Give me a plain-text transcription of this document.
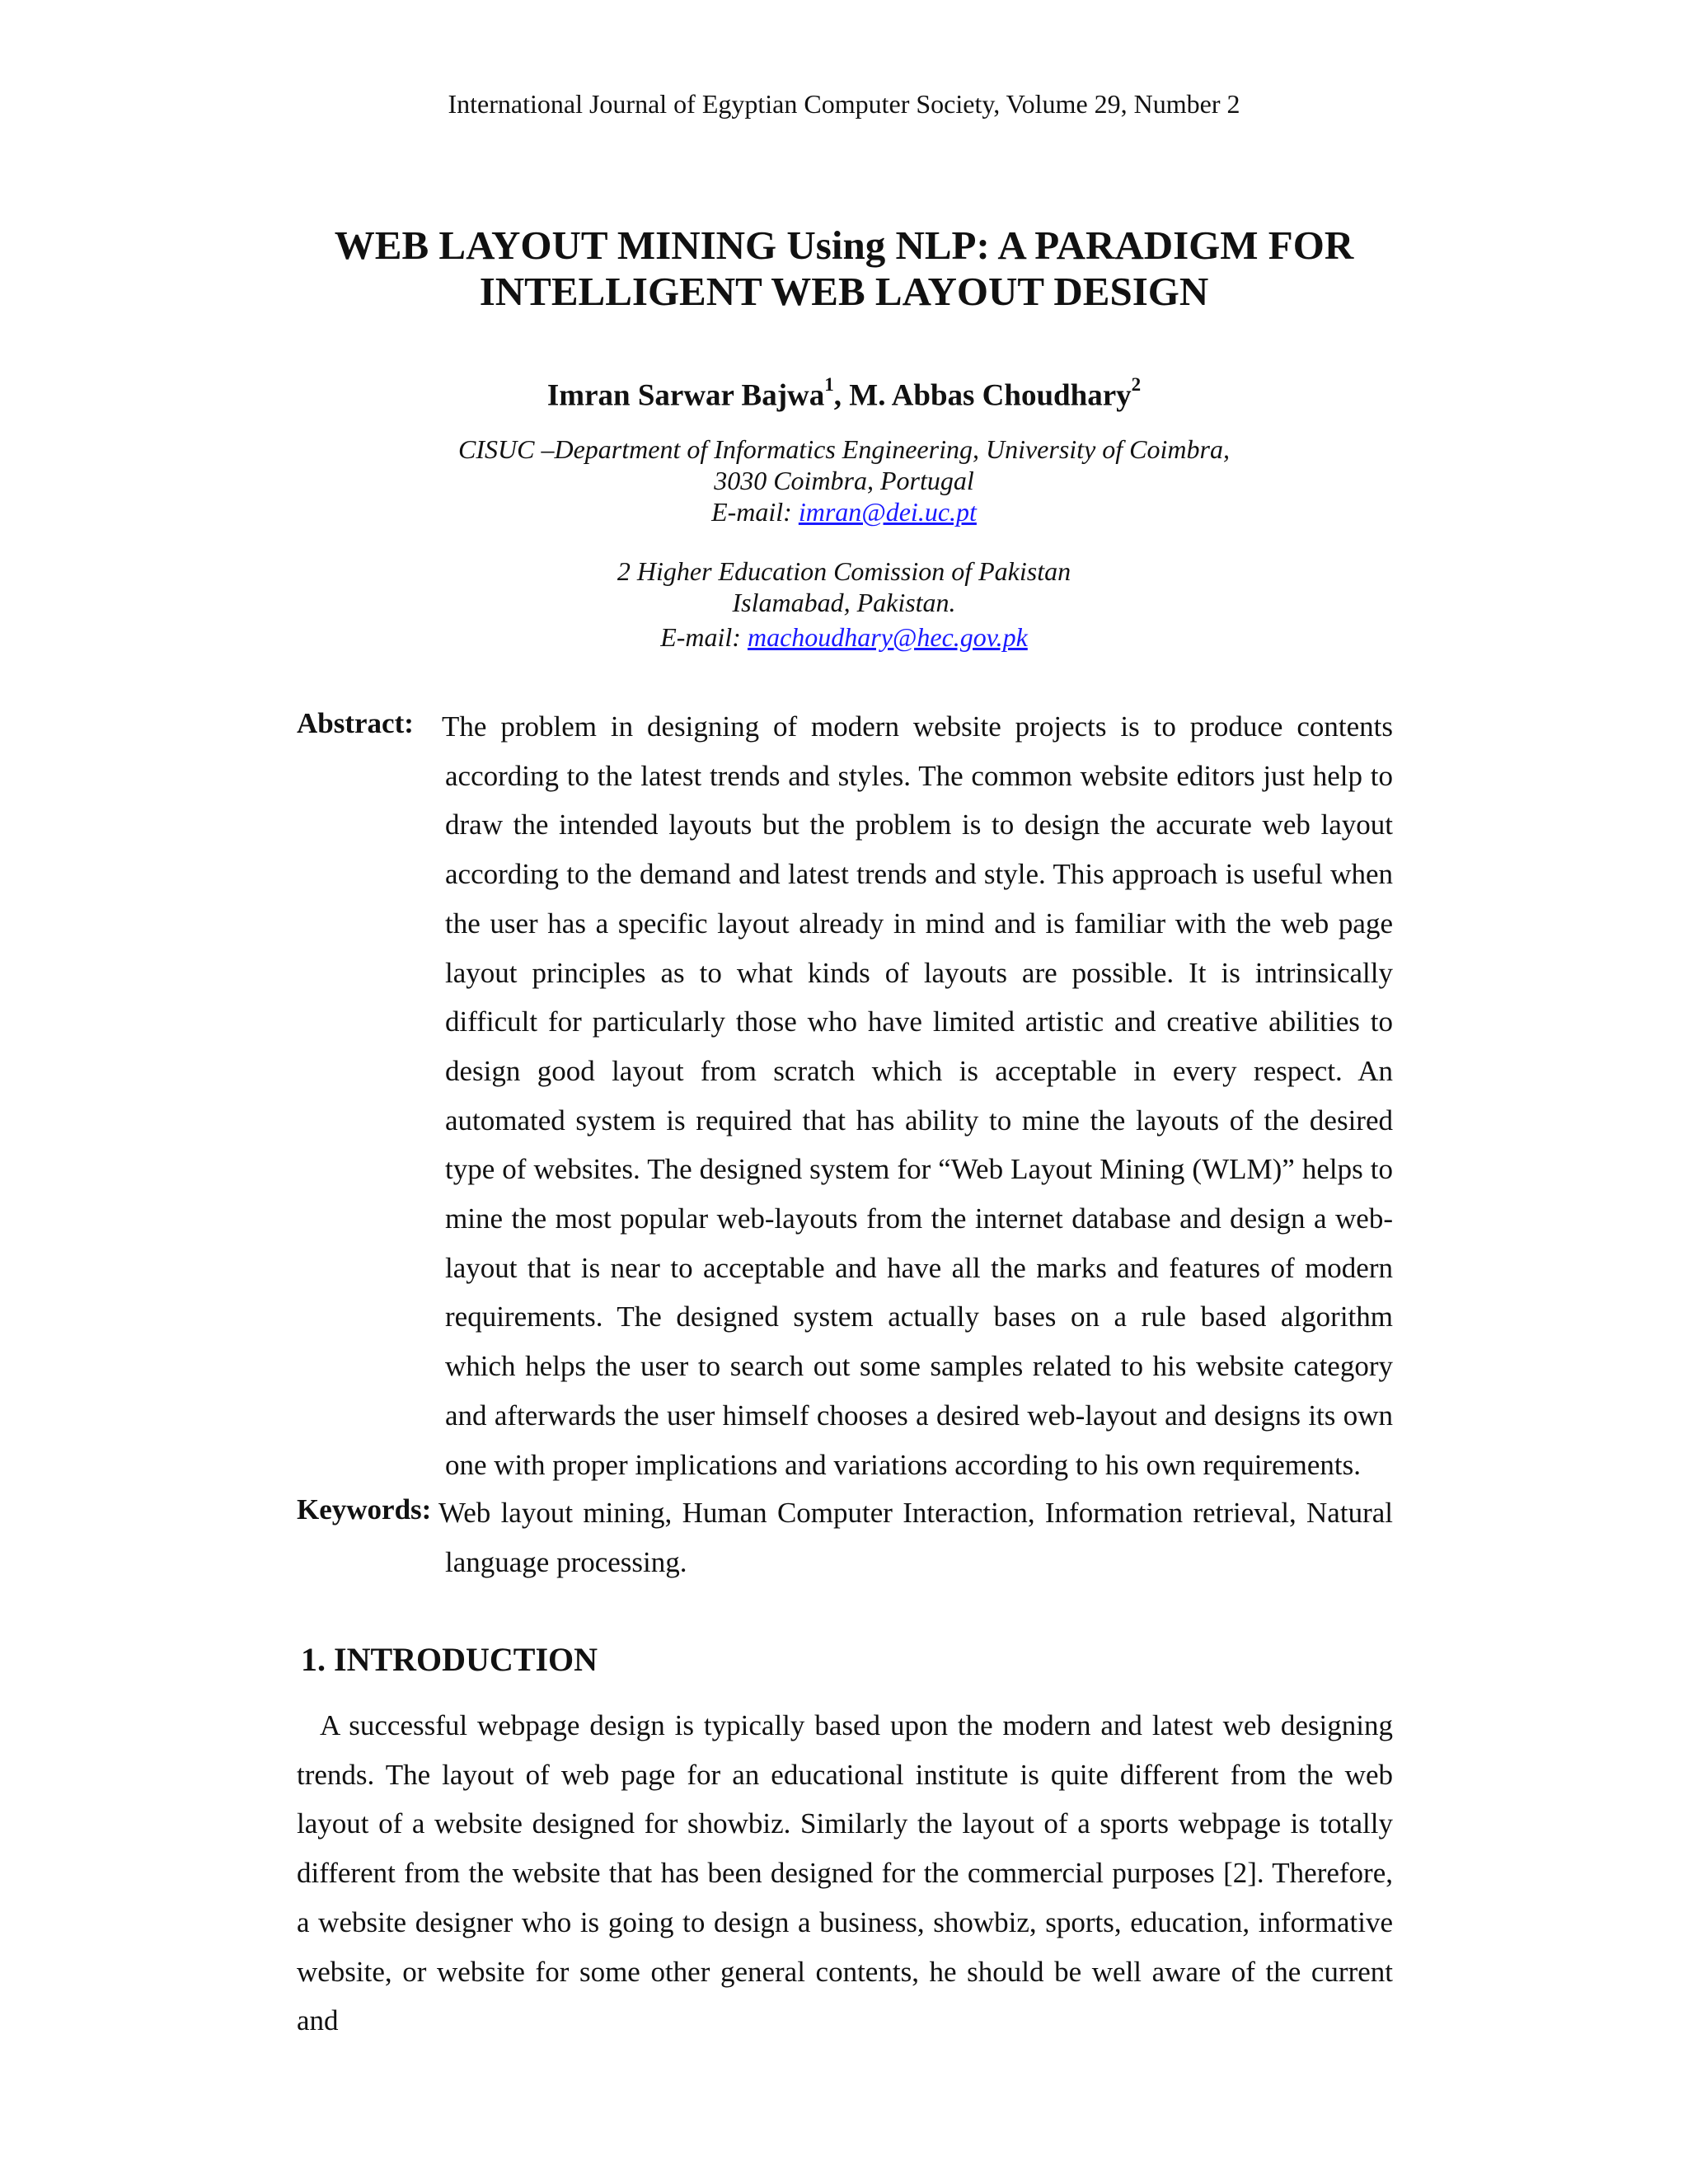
International Journal of Egyptian Computer Society, Volume 29, Number 2
WEB LAYOUT MINING Using NLP: A PARADIGM FOR
INTELLIGENT WEB LAYOUT DESIGN
Imran Sarwar Bajwa$^1$, M. Abbas Choudhary$^2$
CISUC –Department of Informatics Engineering, University of Coimbra,
3030 Coimbra, Portugal
E-mail: imran@dei.uc.pt
2 Higher Education Comission of Pakistan
Islamabad, Pakistan.
E-mail: machoudhary@hec.gov.pk
Abstract: The problem in designing of modern website projects is to produce contents according to the latest trends and styles. The common website editors just help to draw the intended layouts but the problem is to design the accurate web layout according to the demand and latest trends and style. This approach is useful when the user has a specific layout already in mind and is familiar with the web page layout principles as to what kinds of layouts are possible. It is intrinsically difficult for particularly those who have limited artistic and creative abilities to design good layout from scratch which is acceptable in every respect. An automated system is required that has ability to mine the layouts of the desired type of websites. The designed system for “Web Layout Mining (WLM)” helps to mine the most popular web-layouts from the internet database and design a web-layout that is near to acceptable and have all the marks and features of modern requirements. The designed system actually bases on a rule based algorithm which helps the user to search out some samples related to his website category and afterwards the user himself chooses a desired web-layout and designs its own one with proper implications and variations according to his own requirements.
Keywords: Web layout mining, Human Computer Interaction, Information retrieval, Natural language processing.
1. INTRODUCTION
A successful webpage design is typically based upon the modern and latest web designing trends. The layout of web page for an educational institute is quite different from the web layout of a website designed for showbiz. Similarly the layout of a sports webpage is totally different from the website that has been designed for the commercial purposes [2]. Therefore, a website designer who is going to design a business, showbiz, sports, education, informative website, or website for some other general contents, he should be well aware of the current and
